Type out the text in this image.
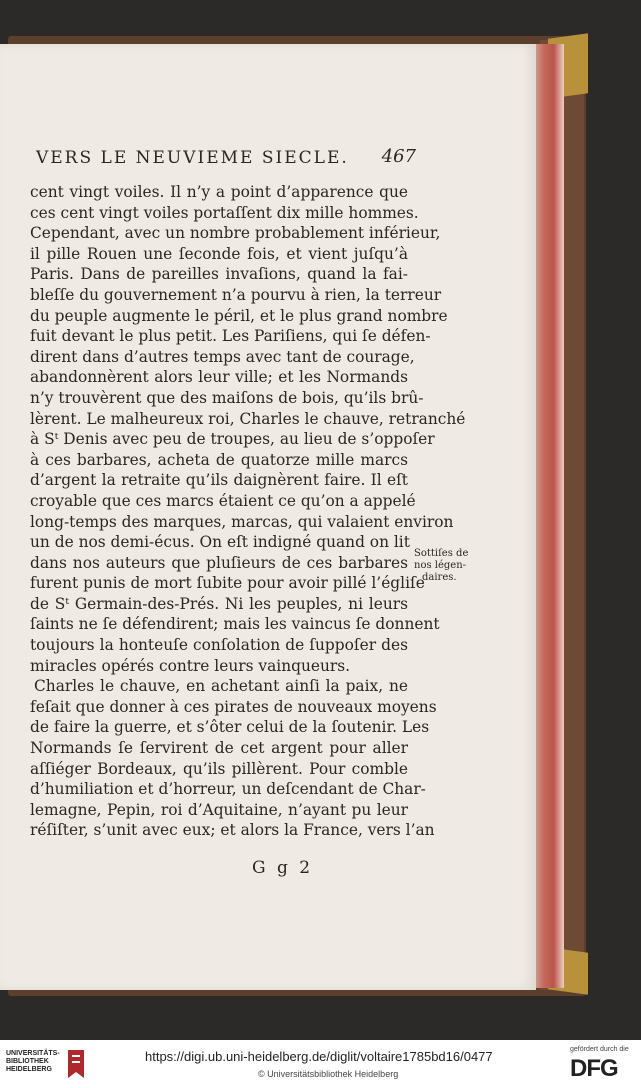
VERS LE NEUVIEME SIECLE. 467
cent vingt voiles. Il n’y a point d’apparence que
ces cent vingt voiles portaſſent dix mille hommes.
Cependant, avec un nombre probablement inférieur,
il pille Rouen une ſeconde fois, et vient juſqu’à
Paris. Dans de pareilles invaſions, quand la fai-
bleſſe du gouvernement n’a pourvu à rien, la terreur
du peuple augmente le péril, et le plus grand nombre
fuit devant le plus petit. Les Pariſiens, qui ſe défen-
dirent dans d’autres temps avec tant de courage,
abandonnèrent alors leur ville; et les Normands
n’y trouvèrent que des maiſons de bois, qu’ils brû-
lèrent. Le malheureux roi, Charles le chauve, retranché
à Sᵗ Denis avec peu de troupes, au lieu de s’oppoſer
à ces barbares, acheta de quatorze mille marcs
d’argent la retraite qu’ils daignèrent faire. Il eſt
croyable que ces marcs étaient ce qu’on a appelé
long-temps des marques, marcas, qui valaient environ
un de nos demi-écus. On eſt indigné quand on lit
dans nos auteurs que pluſieurs de ces barbares
furent punis de mort ſubite pour avoir pillé l’égliſe
de Sᵗ Germain-des-Prés. Ni les peuples, ni leurs
ſaints ne ſe défendirent; mais les vaincus ſe donnent
toujours la honteuſe conſolation de ſuppoſer des
miracles opérés contre leurs vainqueurs.
Charles le chauve, en achetant ainſi la paix, ne
feſait que donner à ces pirates de nouveaux moyens
de faire la guerre, et s’ôter celui de la ſoutenir. Les
Normands ſe ſervirent de cet argent pour aller
aſſiéger Bordeaux, qu’ils pillèrent. Pour comble
d’humiliation et d’horreur, un deſcendant de Char-
lemagne, Pepin, roi d’Aquitaine, n’ayant pu leur
réſiſter, s’unit avec eux; et alors la France, vers l’an
Sottiſes de
nos légen-
daires.
G g 2
UNIVERSITÄTS-
BIBLIOTHEK
HEIDELBERG
https://digi.ub.uni-heidelberg.de/diglit/voltaire1785bd16/0477
© Universitätsbibliothek Heidelberg
gefördert durch die
DFG
